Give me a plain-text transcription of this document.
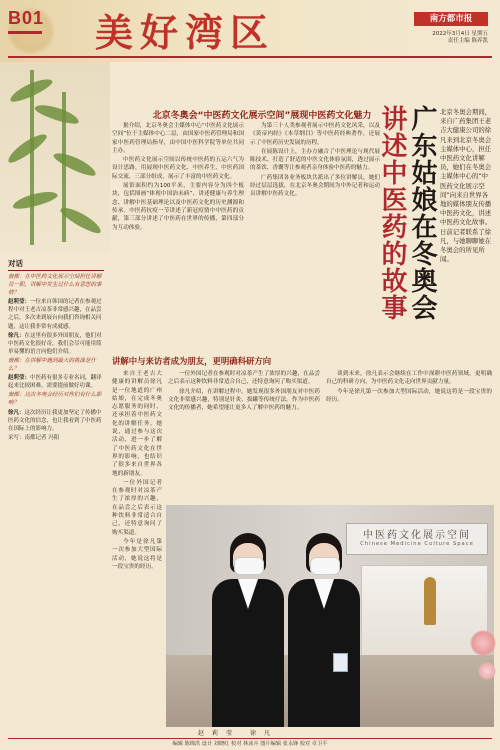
B01 美好湾区	南方都市报
2022年3月4日 星期五
责任主编 陈养凯
北京冬奥会“中医药文化展示空间”展现中医药文化魅力

据介绍，北京冬奥会主媒体中心“中医药文化展示空间”位于主媒体中心二层，由国家中医药管理局和国家中医药管理局指导，由中国中医科学院等单位共同主办。

中医药文化展示空间以传统中医药的五运六气为设计思路，用展现中医药文化、中医养生、中医药国际交流、三部分组成，展示了丰富的中医药文化。

展馆面积约为100平米，主要内容分为四个板块，包括图画“体现中国治未病”、讲述健康与养生理念、讲解中医基础理论以及中医药文化的历史渊源和传承。中医药抗疫一节讲述了新冠疫情中中医药的贡献，第三部分讲述了中医药在世界的传播，第四部分为互动体验。

为第三十人类参观者展示中医药文化风采，以及《黄帝内经》《本草纲目》等中医药经典著作，还展示了中医药历史发展的历程。

在展陈设计上，主办方融合了中医理论与现代展陈技术，打造了舒适的中医文化体验氛围，透过展示的茶饮、香囊等让参观者亲身体验中医药的魅力。

广药集团各业务板块共派出了多位讲解员，她们经过层层选拔，在北京冬奥会期间为中外记者和运动员讲解中医药文化。	广东姑娘在冬奥会
讲述中医药的故事	北京冬奥会期间，来自广药集团王老吉大健康公司的徐凡来到北京冬奥会主媒体中心，担任中医药文化讲解员，她们在冬奥会主媒体中心的“中医药文化展示空间”向来自世界各地的媒体朋友传播中医药文化，讲述中医药文化故事。日前记者联系了徐凡，与她聊聊她在冬奥会的所见所闻。
讲解中与来访者成为朋友，更明确科研方向

来自王老吉大健康的讲解员徐凡是一位地道的广州姑娘，在完成冬奥志愿服务的同时，还承担着中医药文化的讲解任务。她说，通过参与这次活动，进一步了解了中医药文化在世界的影响，也结识了很多来自世界各地的新朋友。

一位外国记者在参观时对凉茶产生了浓厚的兴趣，在品尝之后表示这种饮料非常适合自己，还特意询问了购买渠道。

今年是徐凡第一次参加大型国际活动，她说这将是一段宝贵的经历。

一位外国记者在参观时对凉茶产生了浓厚的兴趣，在品尝之后表示这种饮料非常适合自己，还特意询问了购买渠道。

徐凡介绍，在讲解过程中，她发现很多外国朋友对中医药文化非常感兴趣，特别是针灸、拔罐等传统疗法。作为中医药文化的传播者，她希望能让更多人了解中医药的魅力。

谈到未来，徐凡表示会继续在工作中深耕中医药领域，更明确自己的科研方向，为中医药文化走向世界贡献力量。

今年是徐凡第一次参加大型国际活动，她说这将是一段宝贵的经历。

对话

南都：在中医药文化展示空间担任讲解员一职，讲解中发生过什么有意思的事情？

赵莉莹：一位来自韩国的记者在参观过程中对王老吉凉茶非常感兴趣，在品尝之后，多次来到展台向我们咨询相关问题，这让我非常有成就感。

徐凡：在这里有很多外国朋友，他们对中医药文化很好奇，我们会尽可能用简单易懂的语言向他们介绍。

南都：在讲解中遇到最大的挑战是什么？

赵莉莹：中医药有很多专业名词，翻译起来比较困难，需要提前做好功课。

南都：这次冬奥会经历对你们有什么影响？

徐凡：这次经历让我更加坚定了传播中医药文化的信念，也让我看到了中医药在国际上的影响力。

采写：南都记者 冯阳

中医药文化展示空间
Chinese Medicine Culture Space
赵莉莹 徐凡
编辑 陈锦洪 设计 刘晓红 校对 林冰卉 图片编辑 张永锋 校对 卓卫平
